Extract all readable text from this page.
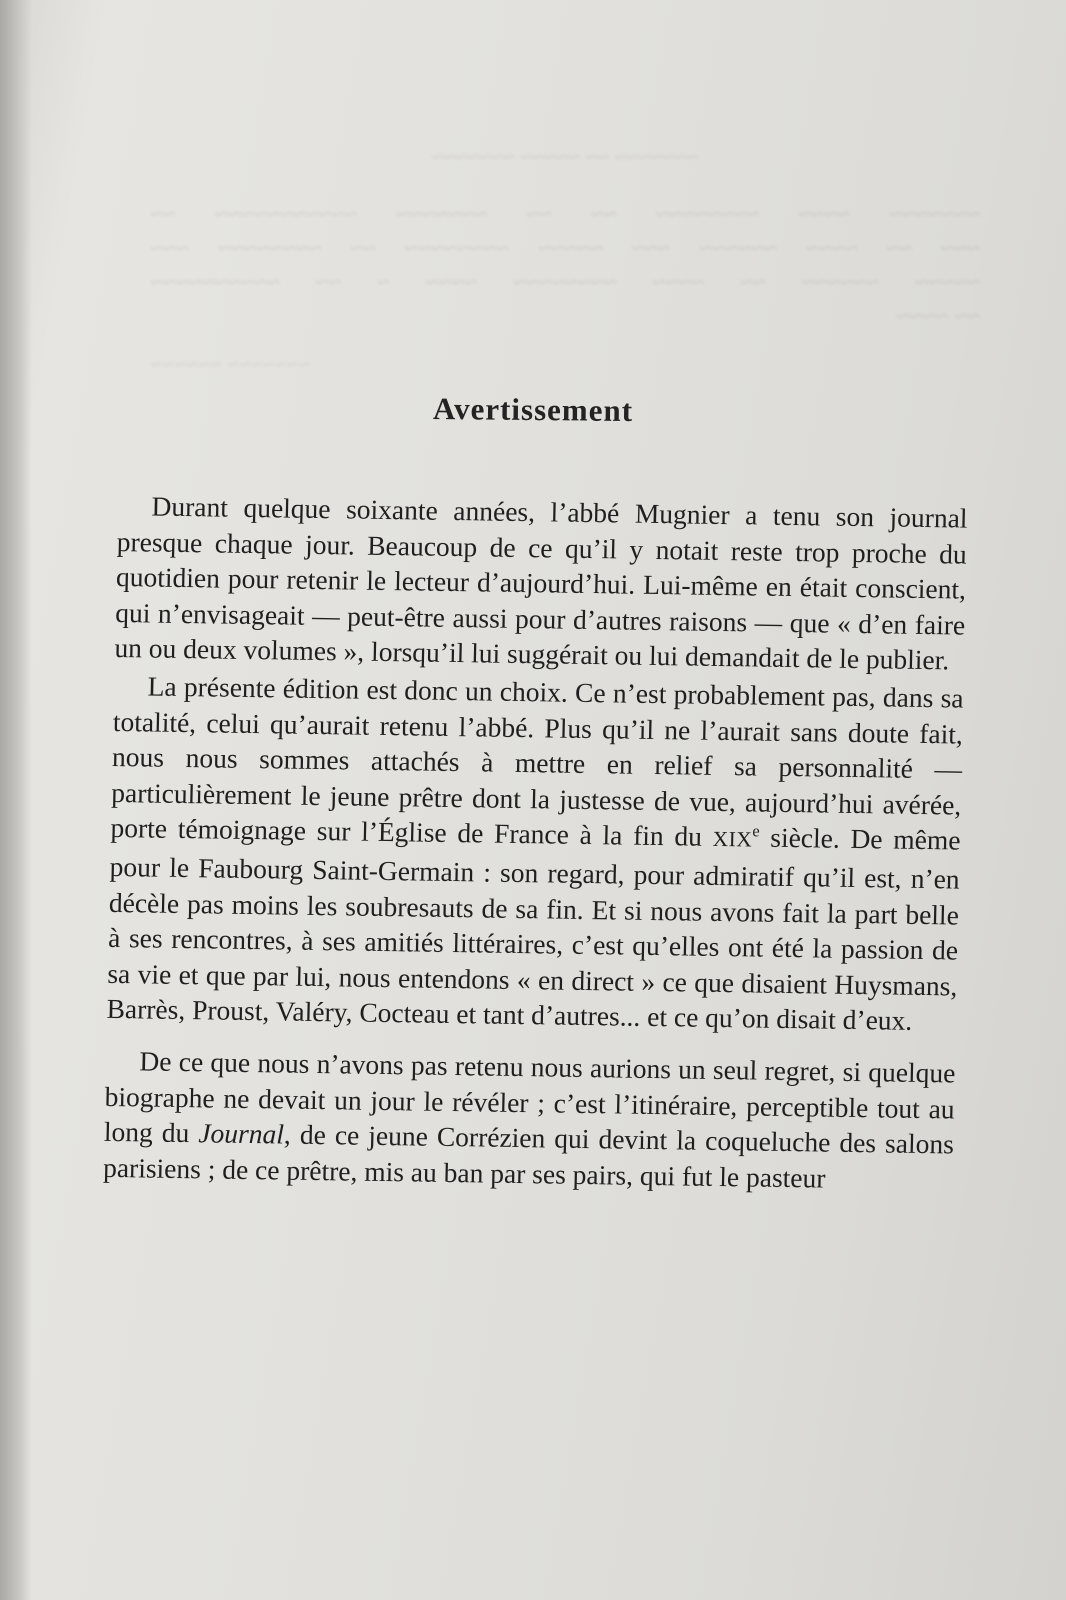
~~~~~~~ ~~ ~~~~~ ~~~~~~~
~~~~~~~ ~~~~ ~~~~~~~~ ~~ ~~ ~~~~~~~ ~~~~~~~~~~~ ~~
~~~ ~~ ~~~~ ~~~~~~ ~~~ ~~~~~ ~~~~~~~~ ~~ ~~~~~~~~ ~~~
~~~~~ ~~~~~~ ~~ ~~~~ ~~~~~~~~ ~~~~ ~ ~~ ~~~~~~~~~~
~~ ~~~~
~~~~~~~ ~~~~~~
Avertissement

Durant quelque soixante années, l’abbé Mugnier a tenu son journal presque chaque jour. Beaucoup de ce qu’il y notait reste trop proche du quotidien pour retenir le lecteur d’aujourd’hui. Lui-même en était conscient, qui n’envisageait — peut-être aussi pour d’autres raisons — que « d’en faire un ou deux volumes », lorsqu’il lui suggérait ou lui demandait de le publier.

La présente édition est donc un choix. Ce n’est probablement pas, dans sa totalité, celui qu’aurait retenu l’abbé. Plus qu’il ne l’aurait sans doute fait, nous nous sommes attachés à mettre en relief sa personnalité — particulièrement le jeune prêtre dont la justesse de vue, aujourd’hui avérée, porte témoignage sur l’Église de France à la fin du XIXe siècle. De même pour le Faubourg Saint-Germain : son regard, pour admiratif qu’il est, n’en décèle pas moins les soubresauts de sa fin. Et si nous avons fait la part belle à ses rencontres, à ses amitiés littéraires, c’est qu’elles ont été la passion de sa vie et que par lui, nous entendons « en direct » ce que disaient Huysmans, Barrès, Proust, Valéry, Cocteau et tant d’autres... et ce qu’on disait d’eux.

De ce que nous n’avons pas retenu nous aurions un seul regret, si quelque biographe ne devait un jour le révéler ; c’est l’itinéraire, perceptible tout au long du Journal, de ce jeune Corrézien qui devint la coqueluche des salons parisiens ; de ce prêtre, mis au ban par ses pairs, qui fut le pasteur
